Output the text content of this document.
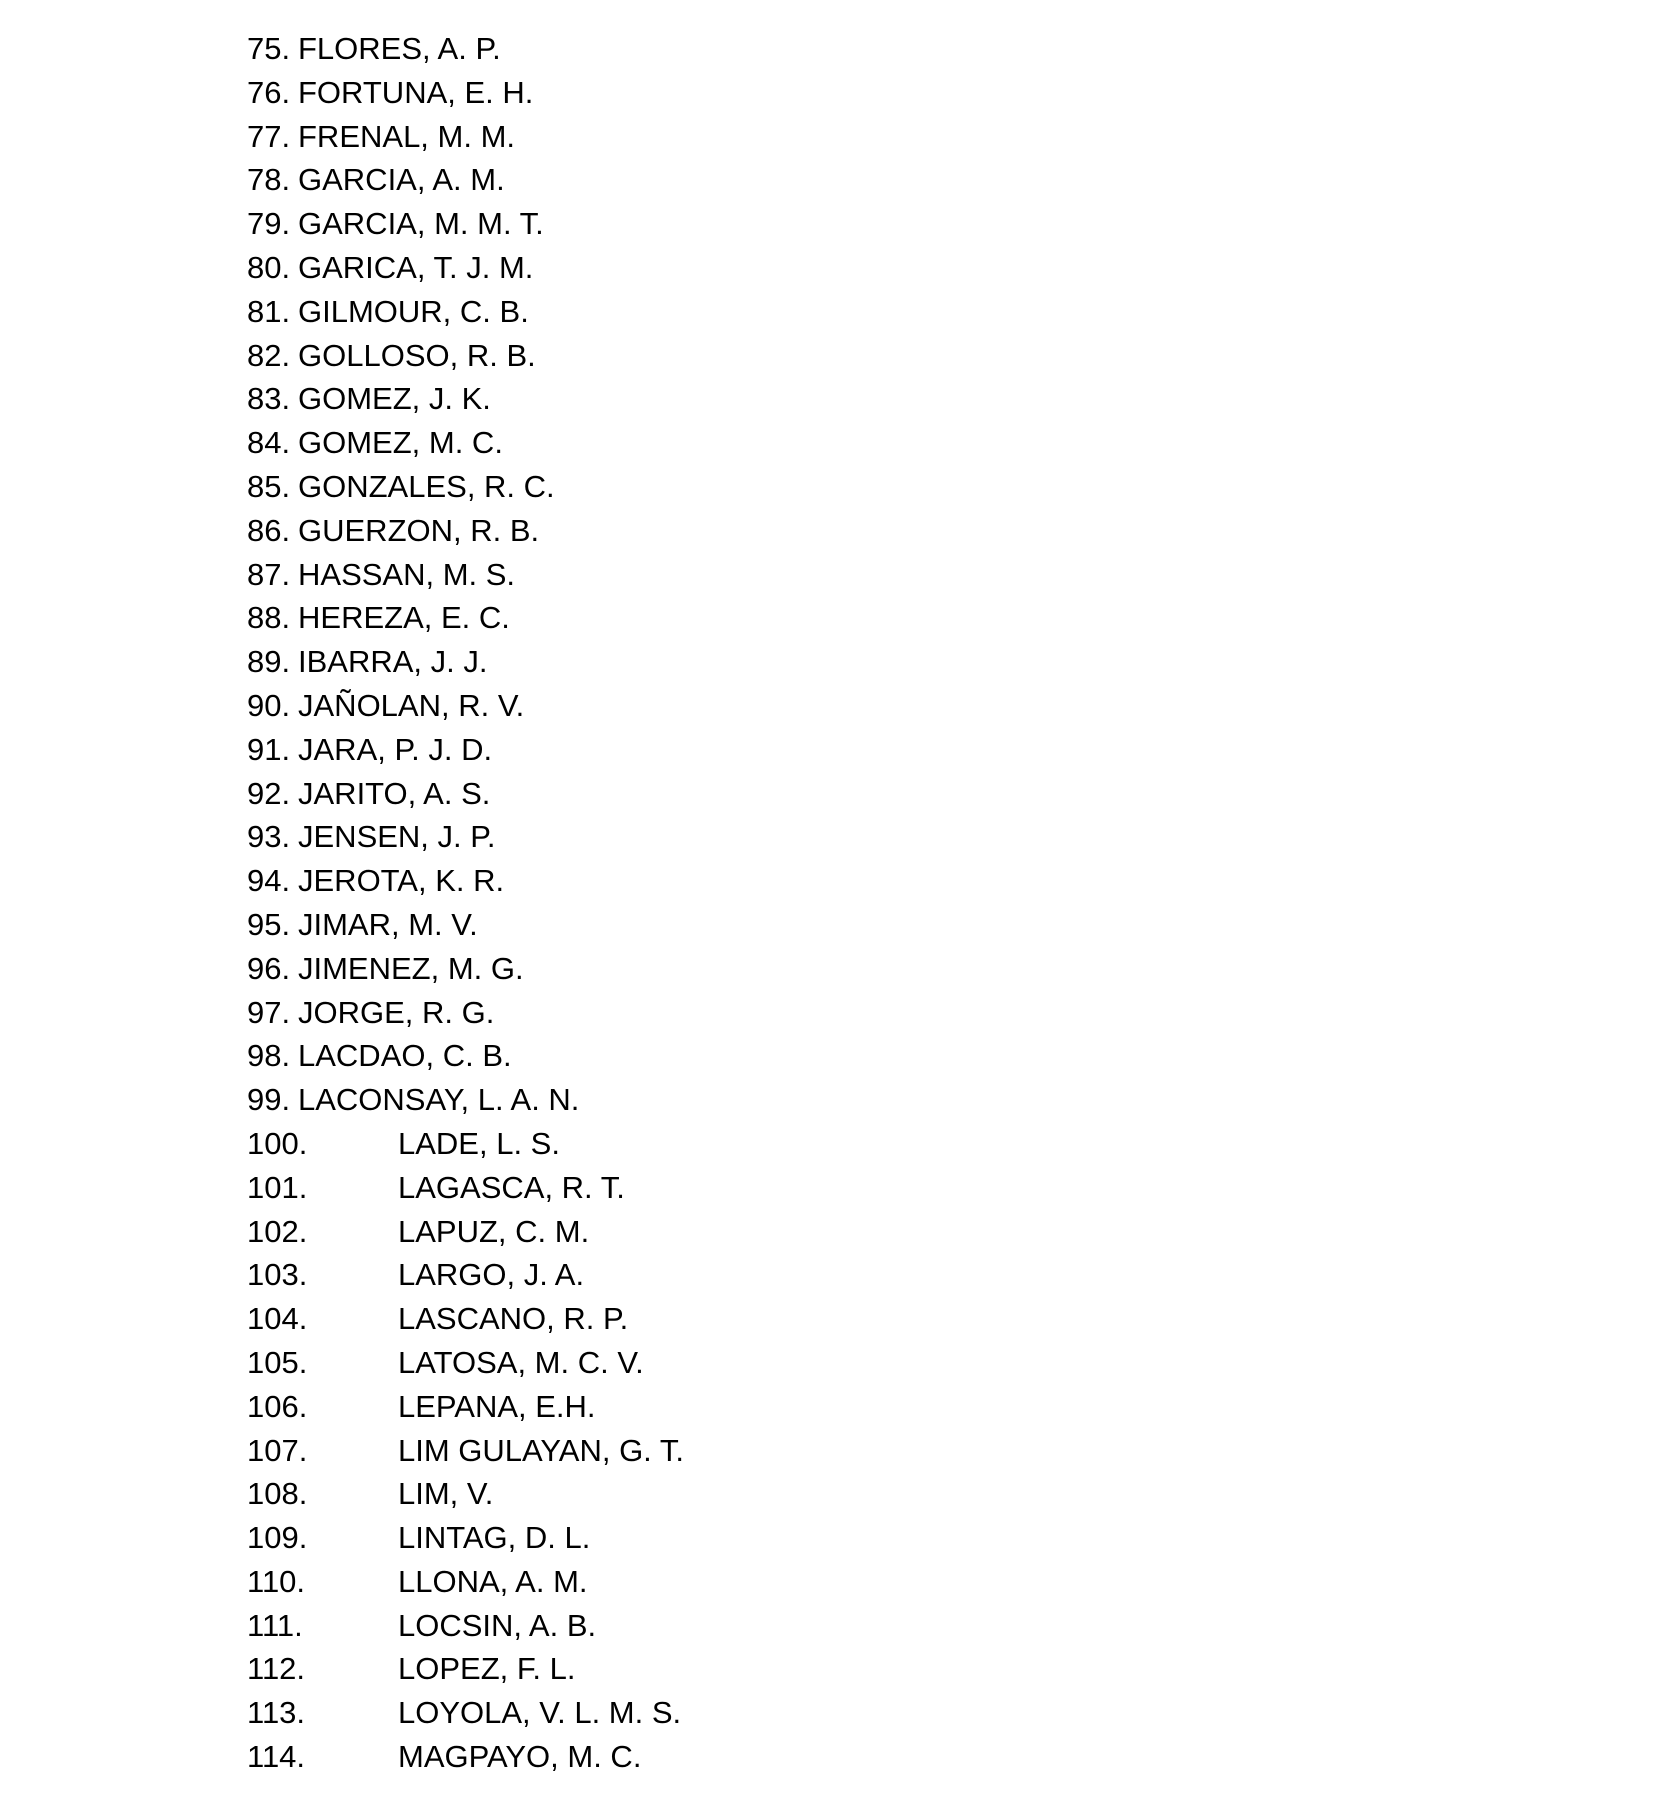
75. FLORES, A. P.
76. FORTUNA, E. H.
77. FRENAL, M. M.
78. GARCIA, A. M.
79. GARCIA, M. M. T.
80. GARICA, T. J. M.
81. GILMOUR, C. B.
82. GOLLOSO, R. B.
83. GOMEZ, J. K.
84. GOMEZ, M. C.
85. GONZALES, R. C.
86. GUERZON, R. B.
87. HASSAN, M. S.
88. HEREZA, E. C.
89. IBARRA, J. J.
90. JAÑOLAN, R. V.
91. JARA, P. J. D.
92. JARITO, A. S.
93. JENSEN, J. P.
94. JEROTA, K. R.
95. JIMAR, M. V.
96. JIMENEZ, M. G.
97. JORGE, R. G.
98. LACDAO, C. B.
99. LACONSAY, L. A. N.
100.	LADE, L. S.
101.	LAGASCA, R. T.
102.	LAPUZ, C. M.
103.	LARGO, J. A.
104.	LASCANO, R. P.
105.	LATOSA, M. C. V.
106.	LEPANA, E.H.
107.	LIM GULAYAN, G. T.
108.	LIM, V.
109.	LINTAG, D. L.
110.	LLONA, A. M.
111.	LOCSIN, A. B.
112.	LOPEZ, F. L.
113.	LOYOLA, V. L. M. S.
114.	MAGPAYO, M. C.
